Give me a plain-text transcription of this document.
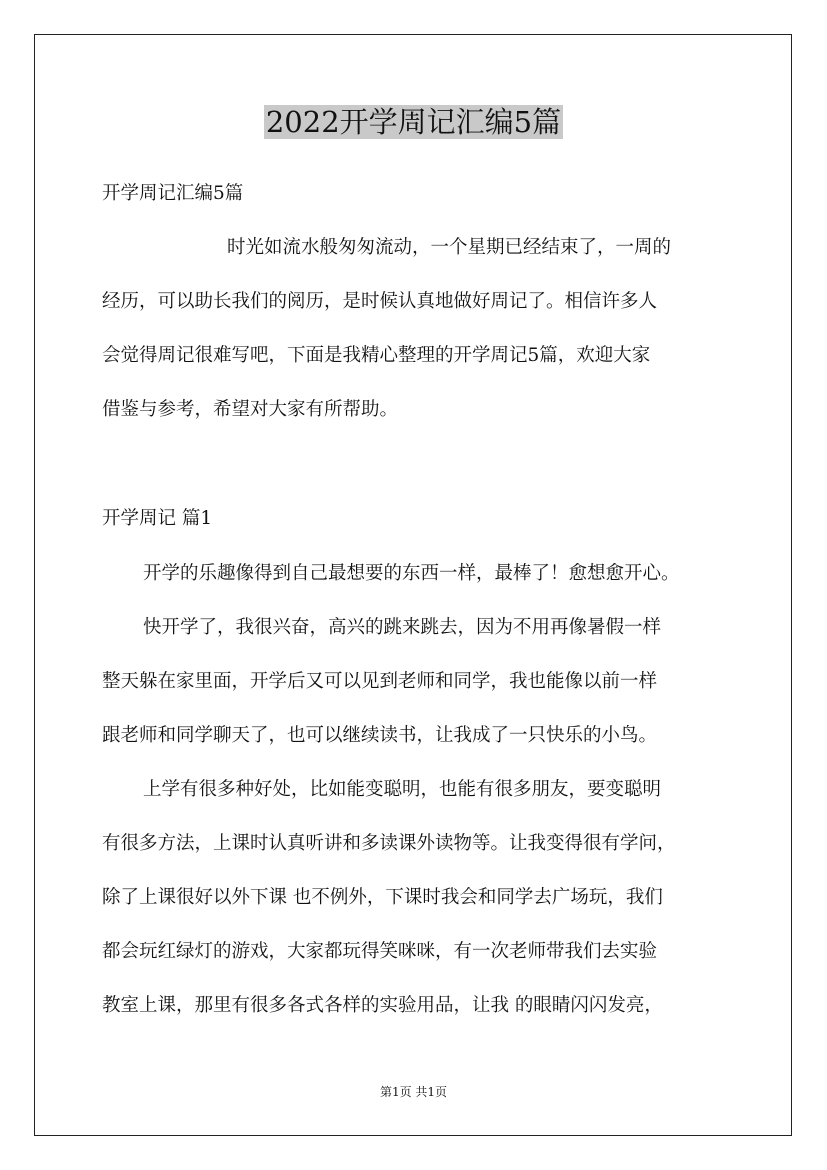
2022开学周记汇编5篇

开学周记汇编5篇

时光如流水般匆匆流动，一个星期已经结束了，一周的

经历，可以助长我们的阅历，是时候认真地做好周记了。相信许多人

会觉得周记很难写吧，下面是我精心整理的开学周记5篇，欢迎大家

借鉴与参考，希望对大家有所帮助。

开学周记 篇1

开学的乐趣像得到自己最想要的东西一样，最棒了！愈想愈开心。

快开学了，我很兴奋，高兴的跳来跳去，因为不用再像暑假一样

整天躲在家里面，开学后又可以见到老师和同学，我也能像以前一样

跟老师和同学聊天了，也可以继续读书，让我成了一只快乐的小鸟。

上学有很多种好处，比如能变聪明，也能有很多朋友，要变聪明

有很多方法，上课时认真听讲和多读课外读物等。让我变得很有学问，

除了上课很好以外下课 也不例外，下课时我会和同学去广场玩，我们

都会玩红绿灯的游戏，大家都玩得笑咪咪，有一次老师带我们去实验

教室上课，那里有很多各式各样的实验用品，让我 的眼睛闪闪发亮，

第1页 共1页
